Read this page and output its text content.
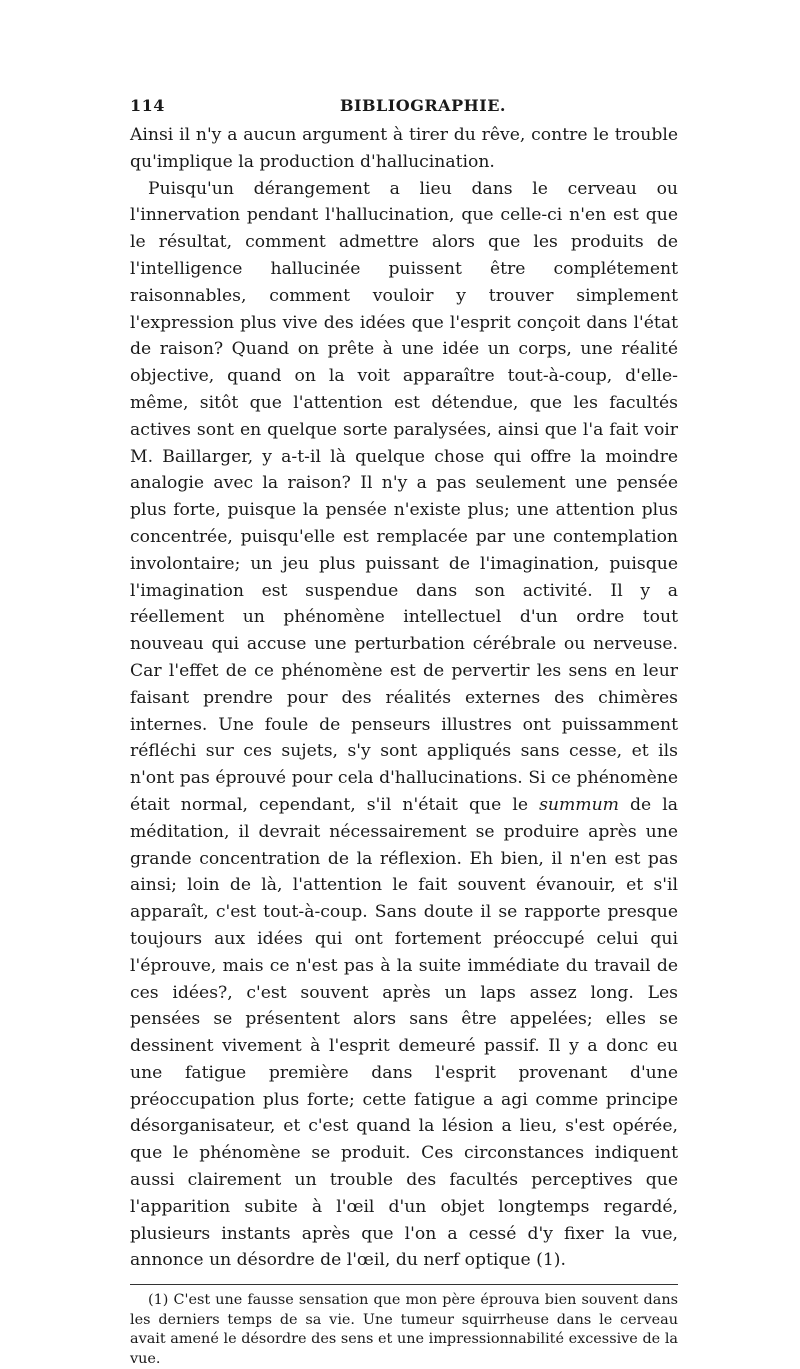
114	BIBLIOGRAPHIE.

Ainsi il n'y a aucun argument à tirer du rêve, contre le trouble qu'implique la production d'hallucination.

Puisqu'un dérangement a lieu dans le cerveau ou l'innervation pendant l'hallucination, que celle-ci n'en est que le résultat, comment admettre alors que les produits de l'intelligence hallucinée puissent être complétement raisonnables, comment vouloir y trouver simplement l'expression plus vive des idées que l'esprit conçoit dans l'état de raison? Quand on prête à une idée un corps, une réalité objective, quand on la voit apparaître tout-à-coup, d'elle-même, sitôt que l'attention est détendue, que les facultés actives sont en quelque sorte paralysées, ainsi que l'a fait voir M. Baillarger, y a-t-il là quelque chose qui offre la moindre analogie avec la raison? Il n'y a pas seulement une pensée plus forte, puisque la pensée n'existe plus; une attention plus concentrée, puisqu'elle est remplacée par une contemplation involontaire; un jeu plus puissant de l'imagination, puisque l'imagination est suspendue dans son activité. Il y a réellement un phénomène intellectuel d'un ordre tout nouveau qui accuse une perturbation cérébrale ou nerveuse. Car l'effet de ce phénomène est de pervertir les sens en leur faisant prendre pour des réalités externes des chimères internes. Une foule de penseurs illustres ont puissamment réfléchi sur ces sujets, s'y sont appliqués sans cesse, et ils n'ont pas éprouvé pour cela d'hallucinations. Si ce phénomène était normal, cependant, s'il n'était que le summum de la méditation, il devrait nécessairement se produire après une grande concentration de la réflexion. Eh bien, il n'en est pas ainsi; loin de là, l'attention le fait souvent évanouir, et s'il apparaît, c'est tout-à-coup. Sans doute il se rapporte presque toujours aux idées qui ont fortement préoccupé celui qui l'éprouve, mais ce n'est pas à la suite immédiate du travail de ces idées?, c'est souvent après un laps assez long. Les pensées se présentent alors sans être appelées; elles se dessinent vivement à l'esprit demeuré passif. Il y a donc eu une fatigue première dans l'esprit provenant d'une préoccupation plus forte; cette fatigue a agi comme principe désorganisateur, et c'est quand la lésion a lieu, s'est opérée, que le phénomène se produit. Ces circonstances indiquent aussi clairement un trouble des facultés perceptives que l'apparition subite à l'œil d'un objet longtemps regardé, plusieurs instants après que l'on a cessé d'y fixer la vue, annonce un désordre de l'œil, du nerf optique (1).

(1) C'est une fausse sensation que mon père éprouva bien souvent dans les derniers temps de sa vie. Une tumeur squirrheuse dans le cerveau avait amené le désordre des sens et une impressionnabilité excessive de la vue.
